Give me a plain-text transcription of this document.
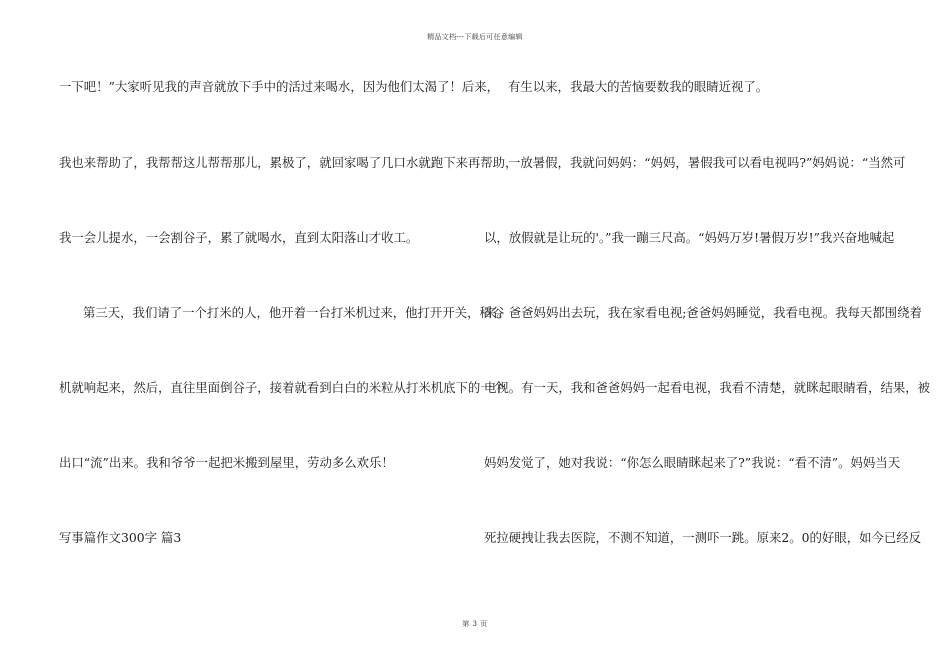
精品文档---下载后可任意编辑
一下吧！”大家听见我的声音就放下手中的活过来喝水，因为他们太渴了！后来，
我也来帮助了，我帮帮这儿帮帮那儿，累极了，就回家喝了几口水就跑下来再帮助，
我一会儿提水，一会割谷子，累了就喝水，直到太阳落山才收工。
第三天，我们请了一个打米的人，他开着一台打米机过来，他打开开关，稻谷
机就响起来，然后，直往里面倒谷子，接着就看到白白的米粒从打米机底下的一个
出口“流”出来。我和爷爷一起把米搬到屋里，劳动多么欢乐！
写事篇作文300字 篇3
有生以来，我最大的苦恼要数我的眼睛近视了。
一放暑假，我就问妈妈：“妈妈，暑假我可以看电视吗?”妈妈说：“当然可
以，放假就是让玩的'。”我一蹦三尺高。“妈妈万岁!暑假万岁!”我兴奋地喊起
来。爸爸妈妈出去玩，我在家看电视;爸爸妈妈睡觉，我看电视。我每天都围绕着
电视。有一天，我和爸爸妈妈一起看电视，我看不清楚，就眯起眼睛看，结果，被
妈妈发觉了，她对我说：“你怎么眼睛眯起来了?”我说：“看不清”。妈妈当天
死拉硬拽让我去医院，不测不知道，一测吓一跳。原来2。0的好眼，如今已经反
第 3 页
